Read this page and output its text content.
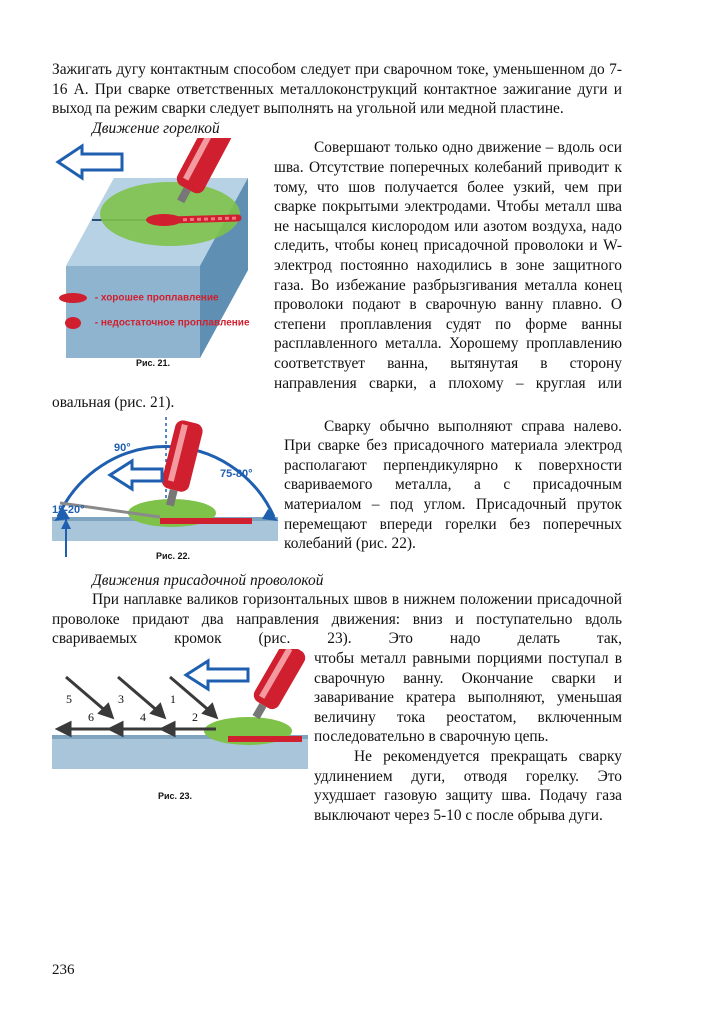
Зажигать дугу контактным способом следует при сварочном токе, уменьшенном до 7-16 А. При сварке ответственных металлоконструкций контактное зажигание дуги и выход па режим сварки следует выполнять на угольной или медной пластине.

Движение горелкой
- хорошее проплавление
- недостаточное проплавление
Рис. 21.

Совершают только одно движение – вдоль оси шва. Отсутствие поперечных колебаний приводит к тому, что шов получается более узкий, чем при сварке покрытыми электродами. Чтобы металл шва не насыщался кислородом или азотом воздуха, надо следить, чтобы конец присадочной проволоки и W-электрод постоянно находились в зоне защитного газа. Во избежание разбрызгивания металла конец проволоки подают в сварочную ванну плавно. О степени проплавления судят по форме ванны расплавленного металла. Хорошему проплавлению соответствует ванна, вытянутая в сторону направления сварки, а плохому – круглая или овальная (рис. 21).

90°
75-80°
15-20°
Рис. 22.

Сварку обычно выполняют справа налево. При сварке без присадочного материала электрод располагают перпендикулярно к поверхности свариваемого металла, а с присадочным материалом – под углом. Присадочный пруток перемещают впереди горелки без поперечных колебаний (рис. 22).

Движения присадочной проволокой

При наплавке валиков горизонтальных швов в нижнем положении присадочной проволоке придают два направления движения: вниз и поступательно вдоль свариваемых кромок (рис. 23). Это надо делать так,

5
6
3
4
1
2
Рис. 23.

чтобы металл равными порциями поступал в сварочную ванну. Окончание сварки и заваривание кратера выполняют, уменьшая величину тока реостатом, включенным последовательно в сварочную цепь.

Не рекомендуется прекращать сварку удлинением дуги, отводя горелку. Это ухудшает газовую защиту шва. Подачу газа выключают через 5-10 с после обрыва дуги.

236
